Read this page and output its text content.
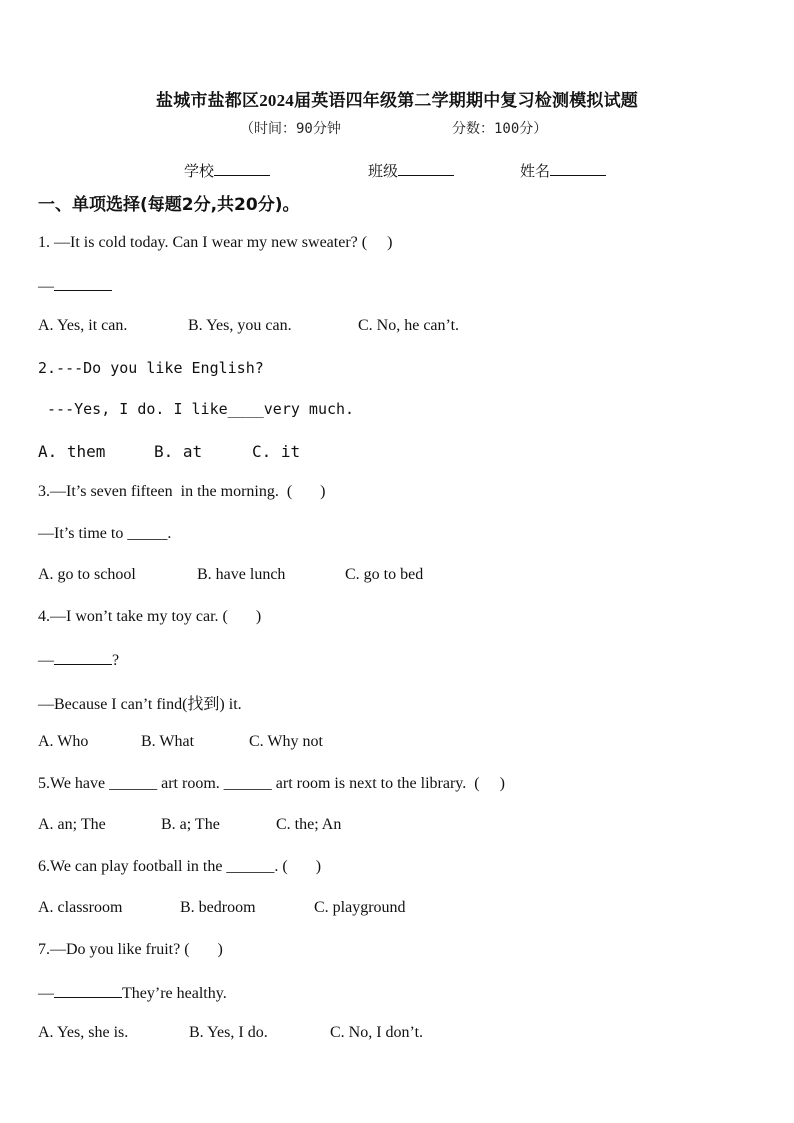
盐城市盐都区2024届英语四年级第二学期期中复习检测模拟试题
（时间：90分钟	分数：100分）
学校	班级	姓名
一、单项选择(每题2分,共20分)。
1. —It is cold today. Can I wear my new sweater? (     )
—
A. Yes, it can.	B. Yes, you can.	C. No, he can’t.
2.---Do you like English?
---Yes, I do. I like____very much.
A. them	B. at	C. it
3.—It’s seven fifteen  in the morning.  (       )
—It’s time to _____.
A. go to school	B. have lunch	C. go to bed
4.—I won’t take my toy car. (       )
—	?
—Because I can’t find(找到) it.
A. Who	B. What	C. Why not
5.We have ______ art room. ______ art room is next to the library.  (     )
A. an; The	B. a; The	C. the; An
6.We can play football in the ______. (       )
A. classroom	B. bedroom	C. playground
7.—Do you like fruit? (       )
—	They’re healthy.
A. Yes, she is.	B. Yes, I do.	C. No, I don’t.
